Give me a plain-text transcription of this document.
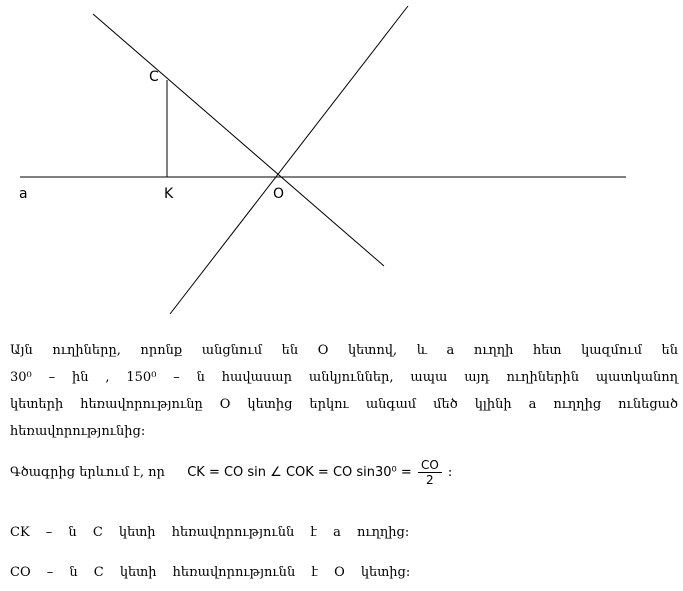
C
K	O
a
Այն ուղիները, որոնք անցնում են O կետով, և a ուղղի հետ կազմում են
30⁰ – ին , 150⁰ – ն հավասար անկյուններ, ապա այդ ուղիներին պատկանող
կետերի հեռավորությունը O կետից երկու անգամ մեծ կլինի a ուղղից ունեցած
հեռավորությունից:
Գծագրից երևում է, որ CK = CO sin ∠ COK = CO $\sin 30^0 = \frac{CO}{2}$ :
CK – ն C կետի հեռավորությունն է a ուղղից:
CO – ն C կետի հեռավորությունն է O կետից:
